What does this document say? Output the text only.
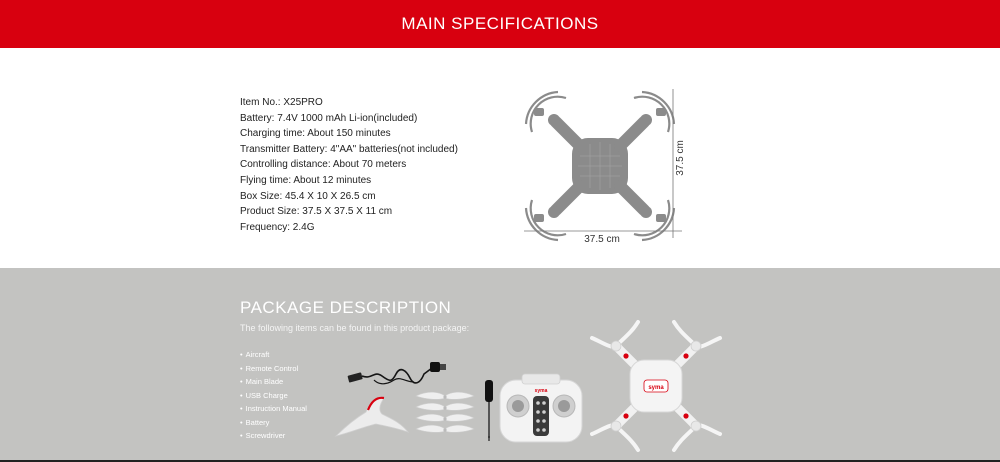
MAIN SPECIFICATIONS
Item No.: X25PRO
Battery: 7.4V 1000 mAh Li-ion(included)
Charging time: About 150 minutes
Transmitter Battery: 4"AA" batteries(not included)
Controlling distance: About 70 meters
Flying time: About 12 minutes
Box Size: 45.4 X 10 X 26.5 cm
Product Size: 37.5 X 37.5 X 11 cm
Frequency: 2.4G
37.5 cm
37.5 cm
PACKAGE DESCRIPTION
The following items can be found in this product package:
• Aircraft
• Remote Control
• Main Blade
• USB Charge
• Instruction Manual
• Battery
• Screwdriver
syma	syma
